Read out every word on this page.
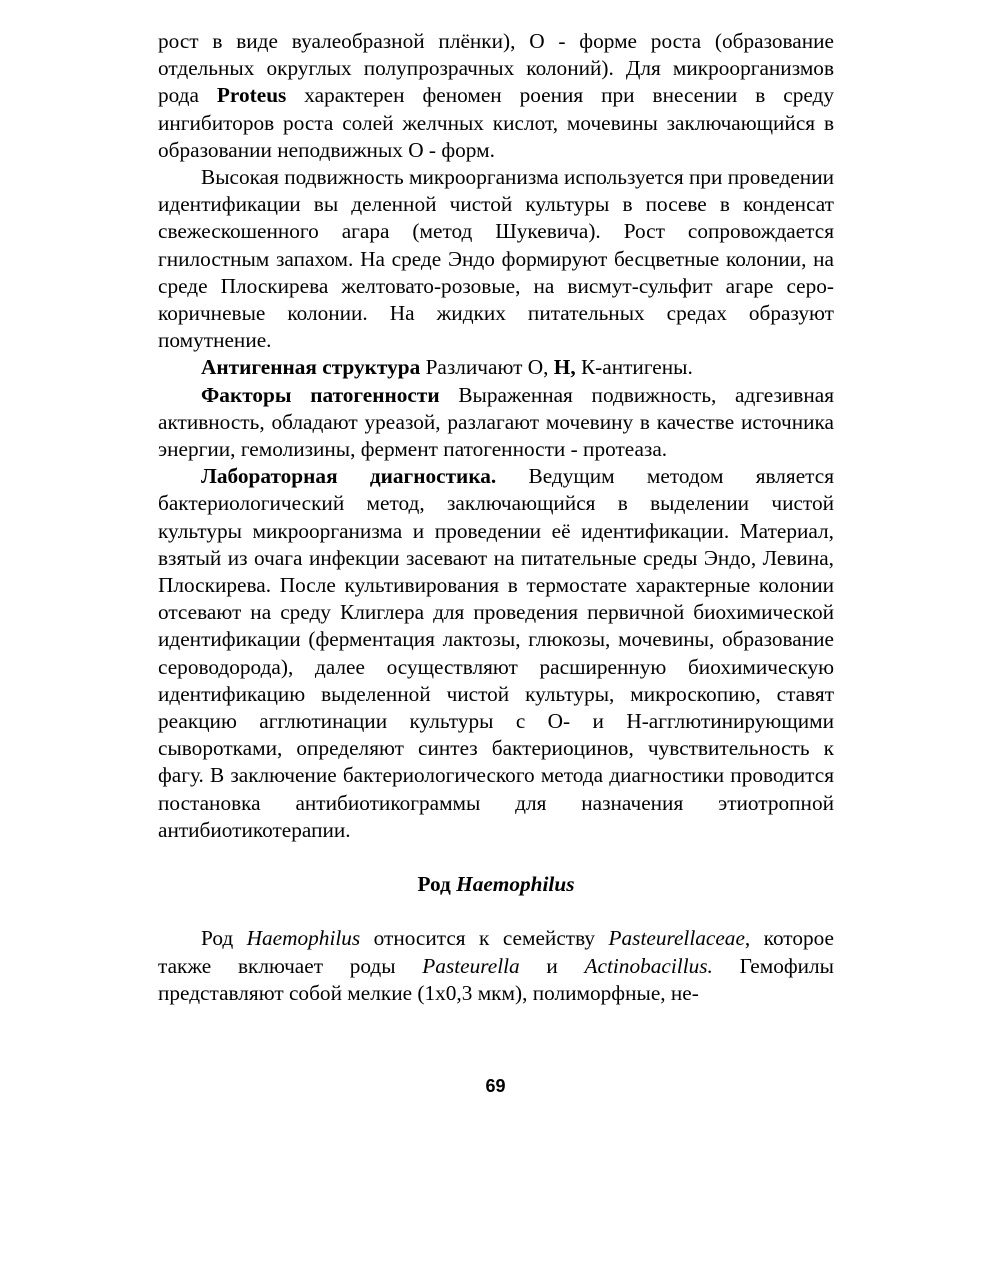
рост в виде вуалеобразной плёнки), О - форме роста (образование отдельных округлых полупрозрачных колоний). Для микроорганизмов рода Proteus характерен феномен роения при внесении в среду ингибиторов роста солей желчных кислот, мочевины заключающийся в образовании неподвижных О - форм.

Высокая подвижность микроорганизма используется при проведении идентификации вы деленной чистой культуры в посеве в конденсат свежескошенного агара (метод Шукевича). Рост сопровождается гнилостным запахом. На среде Эндо формируют бесцветные колонии, на среде Плоскирева желтовато-розовые, на висмут-сульфит агаре серо-коричневые колонии. На жидких питательных средах образуют помутнение.

Антигенная структура Различают О, Н, К-антигены.

Факторы патогенности Выраженная подвижность, адгезивная активность, обладают уреазой, разлагают мочевину в качестве источника энергии, гемолизины, фермент патогенности - протеаза.

Лабораторная диагностика. Ведущим методом является бактериологический метод, заключающийся в выделении чистой культуры микроорганизма и проведении её идентификации. Материал, взятый из очага инфекции засевают на питательные среды Эндо, Левина, Плоскирева. После культивирования в термостате характерные колонии отсевают на среду Клиглера для проведения первичной биохимической идентификации (ферментация лактозы, глюкозы, мочевины, образование сероводорода), далее осуществляют расширенную биохимическую идентификацию выделенной чистой культуры, микроскопию, ставят реакцию агглютинации культуры с О- и Н-агглютинирующими сыворотками, определяют синтез бактериоцинов, чувствительность к фагу. В заключение бактериологического метода диагностики проводится постановка антибиотикограммы для назначения этиотропной антибиотикотерапии.

Род Haemophilus

Род Haemophilus относится к семейству Pasteurellaceae, которое также включает роды Pasteurella и Actinobacillus. Гемофилы представляют собой мелкие (1х0,3 мкм), полиморфные, не-

69
